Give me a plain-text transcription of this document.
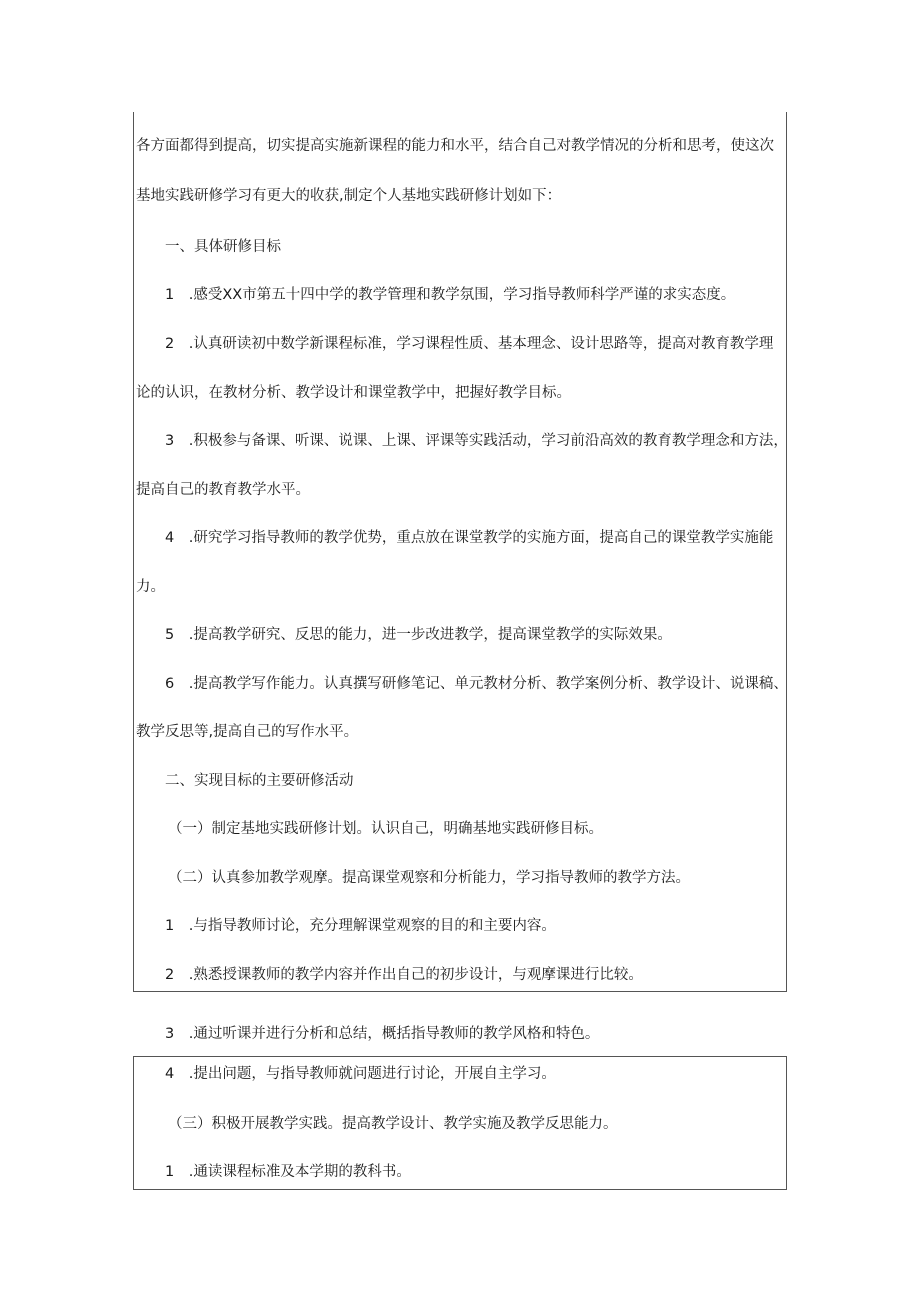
各方面都得到提高，切实提高实施新课程的能力和水平，结合自己对教学情况的分析和思考，使这次
基地实践研修学习有更大的收获,制定个人基地实践研修计划如下：
一、具体研修目标
1　.感受XX市第五十四中学的教学管理和教学氛围，学习指导教师科学严谨的求实态度。
2　.认真研读初中数学新课程标准，学习课程性质、基本理念、设计思路等，提高对教育教学理
论的认识，在教材分析、教学设计和课堂教学中，把握好教学目标。
3　.积极参与备课、听课、说课、上课、评课等实践活动，学习前沿高效的教育教学理念和方法，
提高自己的教育教学水平。
4　.研究学习指导教师的教学优势，重点放在课堂教学的实施方面，提高自己的课堂教学实施能
力。
5　.提高教学研究、反思的能力，进一步改进教学，提高课堂教学的实际效果。
6　.提高教学写作能力。认真撰写研修笔记、单元教材分析、教学案例分析、教学设计、说课稿、
教学反思等,提高自己的写作水平。
二、实现目标的主要研修活动
（一）制定基地实践研修计划。认识自己，明确基地实践研修目标。
（二）认真参加教学观摩。提高课堂观察和分析能力，学习指导教师的教学方法。
1　.与指导教师讨论，充分理解课堂观察的目的和主要内容。
2　.熟悉授课教师的教学内容并作出自己的初步设计，与观摩课进行比较。
3　.通过听课并进行分析和总结，概括指导教师的教学风格和特色。
4　.提出问题，与指导教师就问题进行讨论，开展自主学习。
（三）积极开展教学实践。提高教学设计、教学实施及教学反思能力。
1　.通读课程标准及本学期的教科书。
